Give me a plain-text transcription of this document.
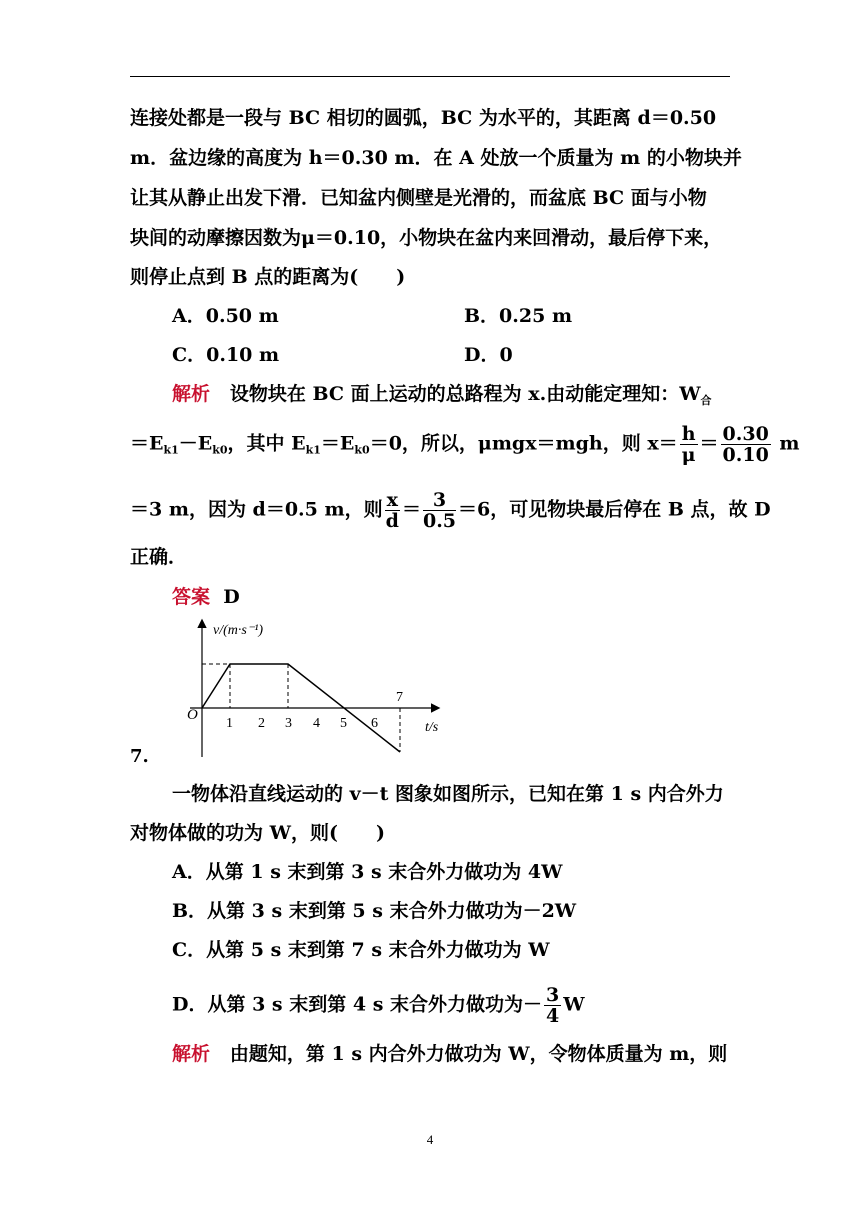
连接处都是一段与 BC 相切的圆弧，BC 为水平的，其距离 d＝0.50
m．盆边缘的高度为 h＝0.30 m．在 A 处放一个质量为 m 的小物块并
让其从静止出发下滑．已知盆内侧壁是光滑的，而盆底 BC 面与小物
块间的动摩擦因数为μ＝0.10，小物块在盆内来回滑动，最后停下来，
则停止点到 B 点的距离为(　　)
A．0.50 m	B．0.25 m
C．0.10 m	D．0
解析 设物块在 BC 面上运动的总路程为 x.由动能定理知：$W_合$
$=E_{k1}-E_{k0}$，其中 $E_{k1}=E_{k0}=0$，所以，μmgx＝mgh，则 $x= \frac{h}{\mu} = \frac{0.30}{0.10}$ m
＝3 m，因为 d＝0.5 m，则 $\frac{x}{d} = \frac{3}{0.5} =6$，可见物块最后停在 B 点，故 D
正确．
答案 D
v/(m·s⁻¹)
t/s
O
1 2 3 4 5 6
7
7.
一物体沿直线运动的 v－t 图象如图所示，已知在第 1 s 内合外力
对物体做的功为 W，则(　　)
A．从第 1 s 末到第 3 s 末合外力做功为 4W
B．从第 3 s 末到第 5 s 末合外力做功为－2W
C．从第 5 s 末到第 7 s 末合外力做功为 W
D．从第 3 s 末到第 4 s 末合外力做功为－ $\frac{3}{4}$ W
解析 由题知，第 1 s 内合外力做功为 W，令物体质量为 m，则
4
